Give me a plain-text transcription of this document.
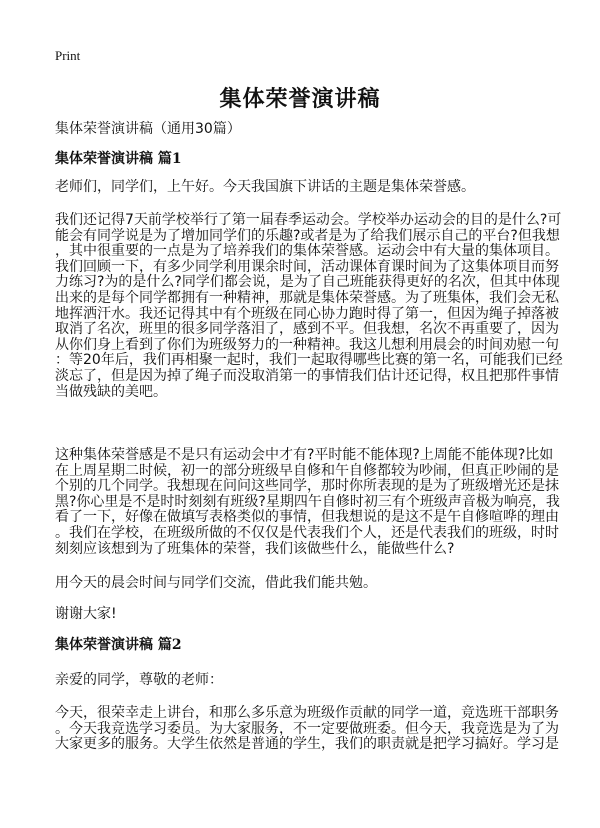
Print
集体荣誉演讲稿
集体荣誉演讲稿（通用30篇）
集体荣誉演讲稿 篇1
老师们，同学们，上午好。今天我国旗下讲话的主题是集体荣誉感。
我们还记得7天前学校举行了第一届春季运动会。学校举办运动会的目的是什么?可
能会有同学说是为了增加同学们的乐趣?或者是为了给我们展示自己的平台?但我想
，其中很重要的一点是为了培养我们的集体荣誉感。运动会中有大量的集体项目。
我们回顾一下，有多少同学利用课余时间，活动课体育课时间为了这集体项目而努
力练习?为的是什么?同学们都会说，是为了自己班能获得更好的名次，但其中体现
出来的是每个同学都拥有一种精神，那就是集体荣誉感。为了班集体，我们会无私
地挥洒汗水。我还记得其中有个班级在同心协力跑时得了第一，但因为绳子掉落被
取消了名次，班里的很多同学落泪了，感到不平。但我想，名次不再重要了，因为
从你们身上看到了你们为班级努力的一种精神。我这儿想利用晨会的时间劝慰一句
：等20年后，我们再相聚一起时，我们一起取得哪些比赛的第一名，可能我们已经
淡忘了，但是因为掉了绳子而没取消第一的事情我们估计还记得，权且把那件事情
当做残缺的美吧。
这种集体荣誉感是不是只有运动会中才有?平时能不能体现?上周能不能体现?比如
在上周星期二时候，初一的部分班级早自修和午自修都较为吵闹，但真正吵闹的是
个别的几个同学。我想现在问问这些同学，那时你所表现的是为了班级增光还是抹
黑?你心里是不是时时刻刻有班级?星期四午自修时初三有个班级声音极为响亮，我
看了一下，好像在做填写表格类似的事情，但我想说的是这不是午自修喧哗的理由
。我们在学校，在班级所做的不仅仅是代表我们个人，还是代表我们的班级，时时
刻刻应该想到为了班集体的荣誉，我们该做些什么，能做些什么?
用今天的晨会时间与同学们交流，借此我们能共勉。
谢谢大家!
集体荣誉演讲稿 篇2
亲爱的同学，尊敬的老师：
今天，很荣幸走上讲台，和那么多乐意为班级作贡献的同学一道，竞选班干部职务
。今天我竞选学习委员。为大家服务，不一定要做班委。但今天，我竞选是为了为
大家更多的服务。大学生依然是普通的学生，我们的职责就是把学习搞好。学习是
